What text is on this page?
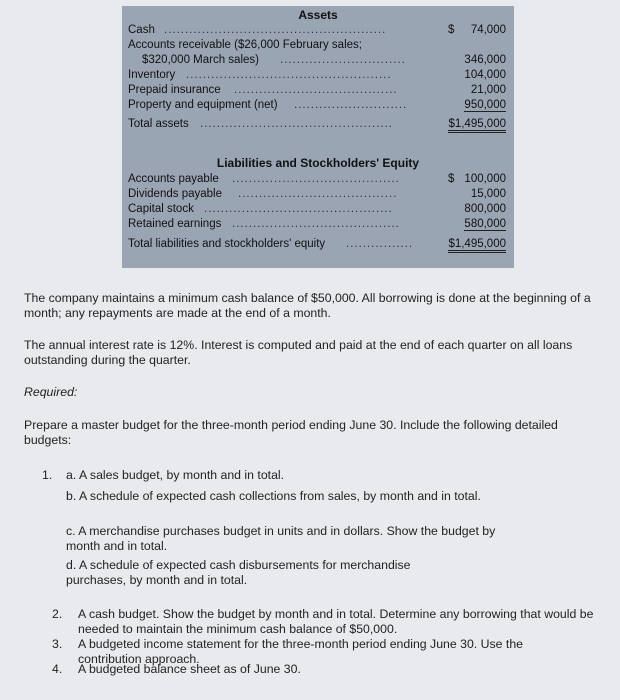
Assets
Cash .....................................................	$ 74,000
Accounts receivable ($26,000 February sales;
$320,000 March sales) ..............................	346,000
Inventory .................................................	104,000
Prepaid insurance .......................................	21,000
Property and equipment (net) ...........................	950,000
Total assets ..............................................	$1,495,000
Liabilities and Stockholders' Equity
Accounts payable ........................................	$ 100,000
Dividends payable ......................................	15,000
Capital stock .............................................	800,000
Retained earnings ........................................	580,000
Total liabilities and stockholders' equity ................	$1,495,000
The company maintains a minimum cash balance of $50,000. All borrowing is done at the beginning of a month; any repayments are made at the end of a month.
The annual interest rate is 12%. Interest is computed and paid at the end of each quarter on all loans outstanding during the quarter.
Required:
Prepare a master budget for the three-month period ending June 30. Include the following detailed budgets:
1. a. A sales budget, by month and in total.
b. A schedule of expected cash collections from sales, by month and in total.
c. A merchandise purchases budget in units and in dollars. Show the budget by month and in total.
d. A schedule of expected cash disbursements for merchandise purchases, by month and in total.
2. A cash budget. Show the budget by month and in total. Determine any borrowing that would be needed to maintain the minimum cash balance of $50,000.
3. A budgeted income statement for the three-month period ending June 30. Use the contribution approach.
4. A budgeted balance sheet as of June 30.
